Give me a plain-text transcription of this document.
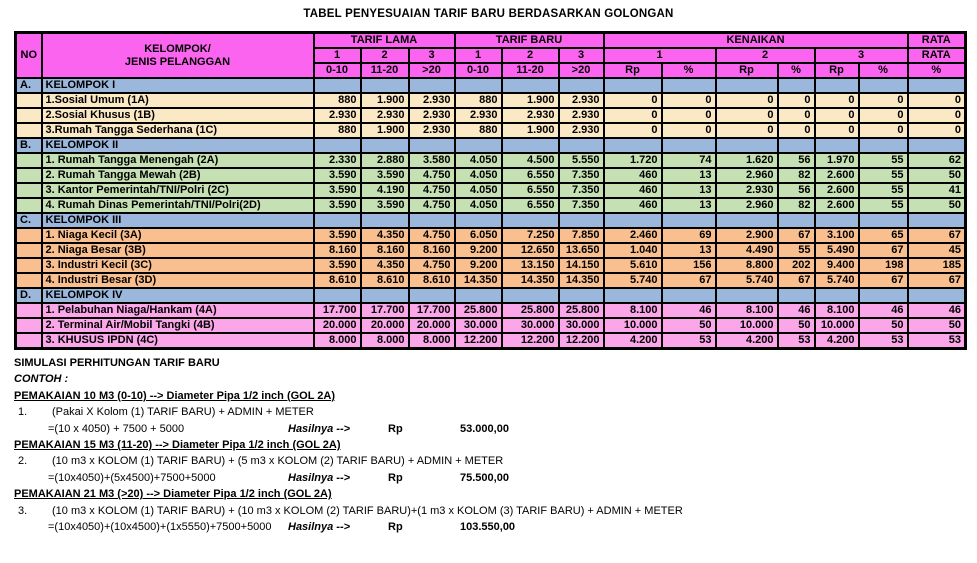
TABEL PENYESUAIAN TARIF BARU BERDASARKAN GOLONGAN
NO	KELOMPOK/
JENIS PELANGGAN	TARIF LAMA			TARIF BARU			KENAIKAN						RATA
		1	2	3	1	2	3	1		2		3		RATA
		0-10	11-20	>20	0-10	11-20	>20	Rp	%	Rp	%	Rp	%	%
A.	KELOMPOK I													
	1.Sosial Umum (1A)	880	1.900	2.930	880	1.900	2.930	0	0	0	0	0	0	0
	2.Sosial Khusus (1B)	2.930	2.930	2.930	2.930	2.930	2.930	0	0	0	0	0	0	0
	3.Rumah Tangga Sederhana (1C)	880	1.900	2.930	880	1.900	2.930	0	0	0	0	0	0	0
B.	KELOMPOK II													
	1. Rumah Tangga Menengah (2A)	2.330	2.880	3.580	4.050	4.500	5.550	1.720	74	1.620	56	1.970	55	62
	2. Rumah Tangga Mewah (2B)	3.590	3.590	4.750	4.050	6.550	7.350	460	13	2.960	82	2.600	55	50
	3. Kantor Pemerintah/TNI/Polri (2C)	3.590	4.190	4.750	4.050	6.550	7.350	460	13	2.930	56	2.600	55	41
	4. Rumah Dinas Pemerintah/TNI/Polri(2D)	3.590	3.590	4.750	4.050	6.550	7.350	460	13	2.960	82	2.600	55	50
C.	KELOMPOK III													
	1. Niaga Kecil (3A)	3.590	4.350	4.750	6.050	7.250	7.850	2.460	69	2.900	67	3.100	65	67
	2. Niaga Besar (3B)	8.160	8.160	8.160	9.200	12.650	13.650	1.040	13	4.490	55	5.490	67	45
	3. Industri Kecil (3C)	3.590	4.350	4.750	9.200	13.150	14.150	5.610	156	8.800	202	9.400	198	185
	4. Industri Besar (3D)	8.610	8.610	8.610	14.350	14.350	14.350	5.740	67	5.740	67	5.740	67	67
D.	KELOMPOK IV													
	1. Pelabuhan Niaga/Hankam (4A)	17.700	17.700	17.700	25.800	25.800	25.800	8.100	46	8.100	46	8.100	46	46
	2. Terminal Air/Mobil Tangki (4B)	20.000	20.000	20.000	30.000	30.000	30.000	10.000	50	10.000	50	10.000	50	50
	3. KHUSUS IPDN (4C)	8.000	8.000	8.000	12.200	12.200	12.200	4.200	53	4.200	53	4.200	53	53
SIMULASI PERHITUNGAN TARIF BARU
CONTOH :
PEMAKAIAN 10 M3 (0-10) --> Diameter Pipa 1/2 inch (GOL 2A)
1.	(Pakai X Kolom (1) TARIF BARU) + ADMIN + METER
=(10 x 4050) + 7500 + 5000	Hasilnya -->	Rp	53.000,00
PEMAKAIAN 15 M3 (11-20) --> Diameter Pipa 1/2 inch (GOL 2A)
2.	(10 m3 x KOLOM (1) TARIF BARU) + (5 m3 x KOLOM (2) TARIF BARU) + ADMIN + METER
=(10x4050)+(5x4500)+7500+5000	Hasilnya -->	Rp	75.500,00
PEMAKAIAN 21 M3 (>20) --> Diameter Pipa 1/2 inch (GOL 2A)
3.	(10 m3 x KOLOM (1) TARIF BARU) + (10 m3 x KOLOM (2) TARIF BARU)+(1 m3 x KOLOM (3) TARIF BARU) + ADMIN + METER
=(10x4050)+(10x4500)+(1x5550)+7500+5000	Hasilnya -->	Rp	103.550,00
